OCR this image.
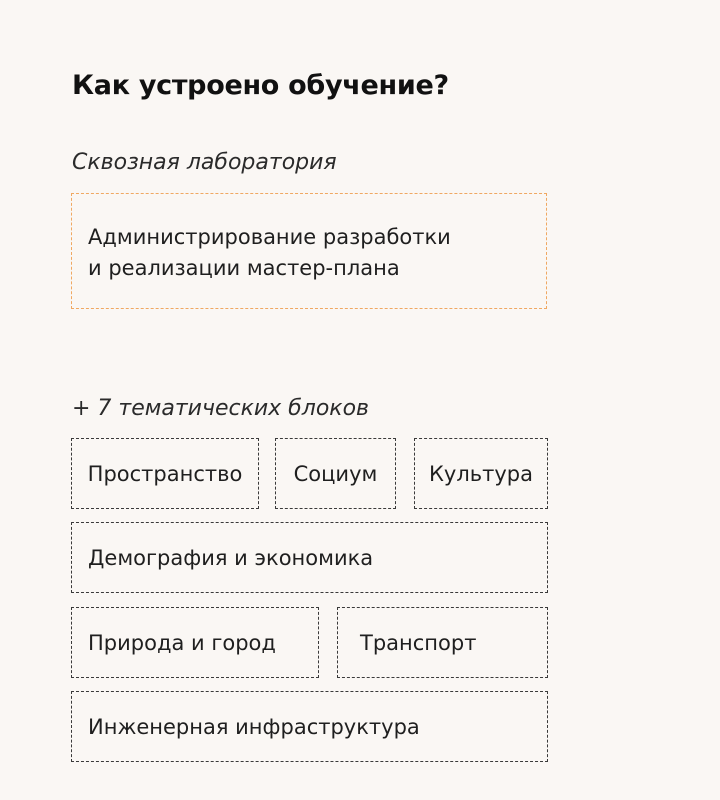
Как устроено обучение?
Сквозная лаборатория

Администрирование разработки
и реализации мастер-плана

+ 7 тематических блоков
Пространство	Социум	Культура
Демография и экономика
Природа и город	Транспорт
Инженерная инфраструктура
